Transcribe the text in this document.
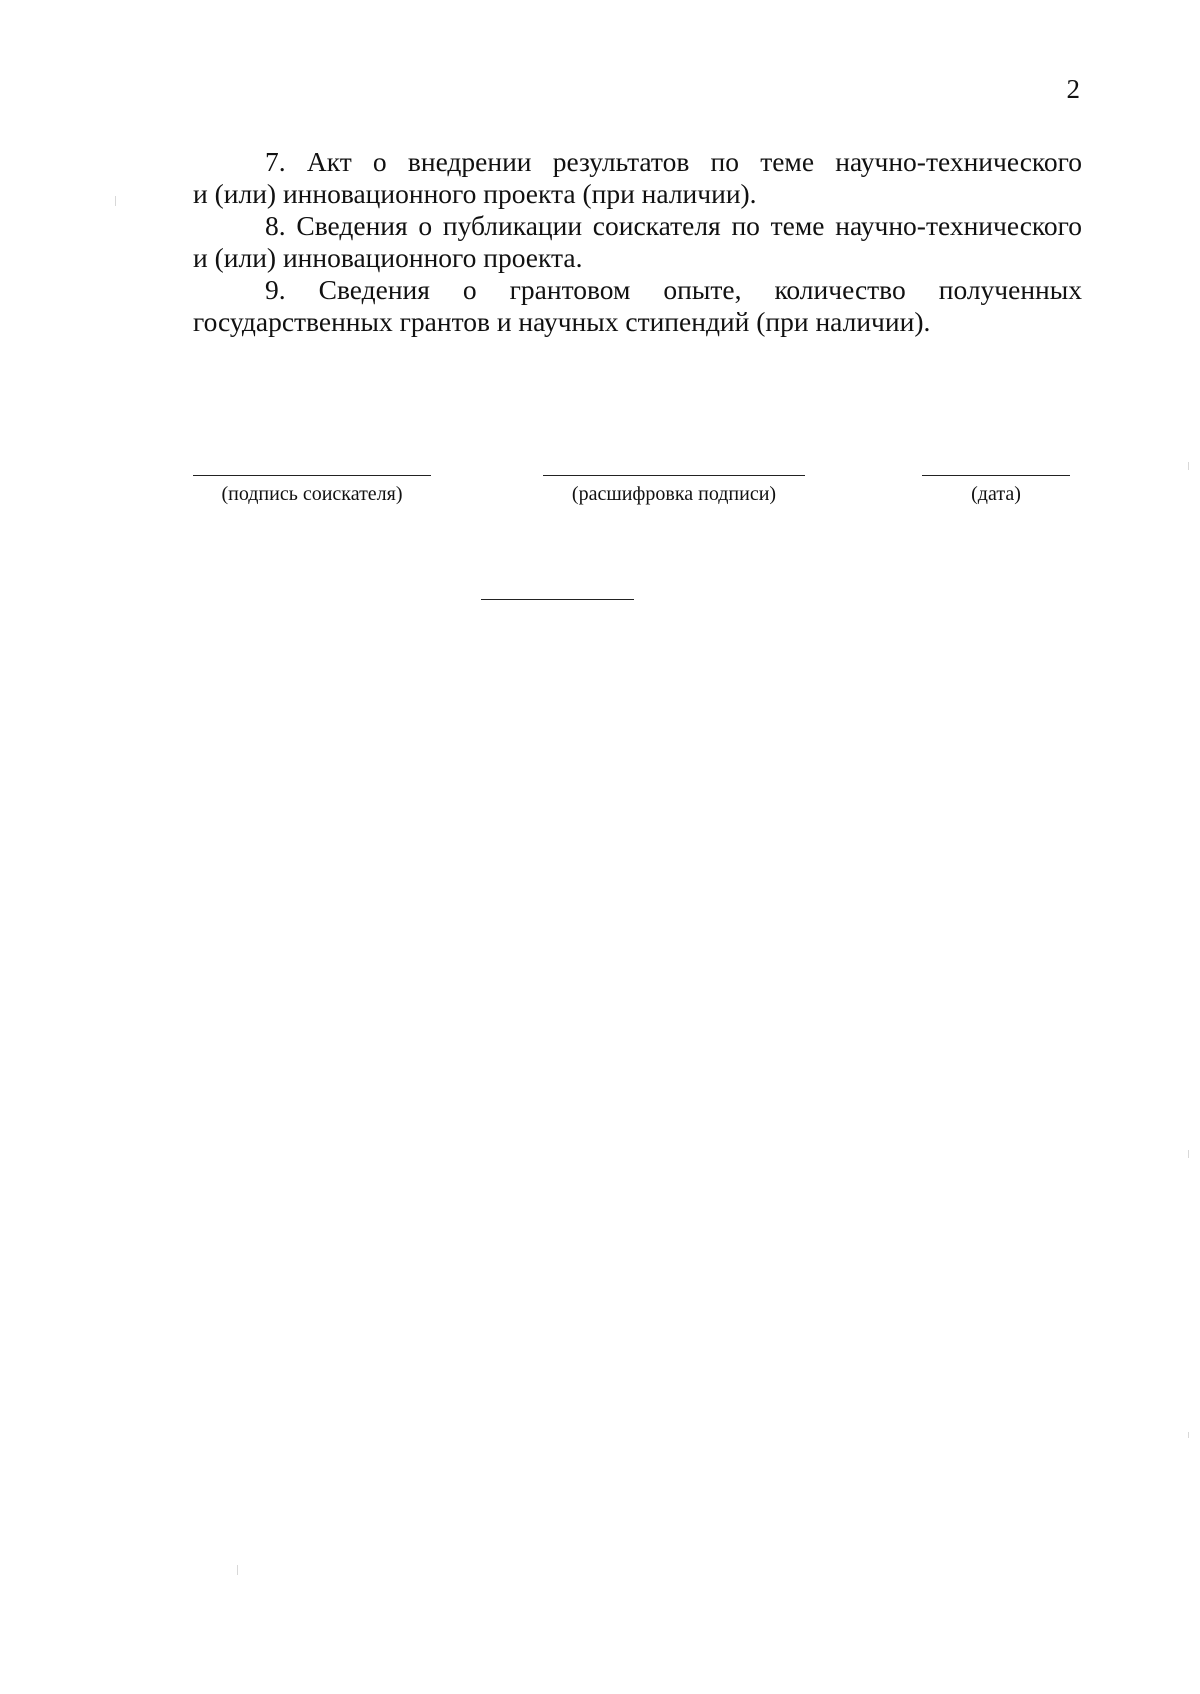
2

7. Акт о внедрении результатов по теме научно-технического
и (или) инновационного проекта (при наличии).

8. Сведения о публикации соискателя по теме научно-технического
и (или) инновационного проекта.

9. Сведения о грантовом опыте, количество полученных
государственных грантов и научных стипендий (при наличии).

(подпись соискателя)	(расшифровка подписи)	(дата)
